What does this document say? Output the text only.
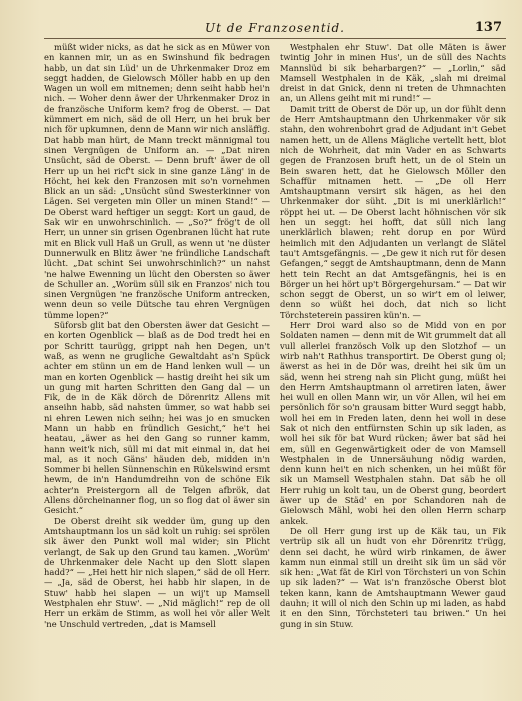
Ut de Franzosentid.	137

müßt wider nicks, as dat he sick as en Müwer von en kannen mir, un as en Swinshund fik bedragen habb, un dat sin Lüd' un de Uhrkenmaker Droz em seggt hadden, de Gielowsch Möller habb en up den Wagen un woll em mitnemen; denn seiht habb hei'n nich. — Woher denn äwer der Uhrkenmaker Droz in de französche Uniform kem? frog de Oberst. — Dat kümmert em nich, säd de oll Herr, un hei bruk ber nich för upkumnen, denn de Mann wir nich ansläffig. Dat habb man hürt, de Mann treckt männigmal tou sinen Vergnügen de Uniform an. — „Dat niren Unsücht, säd de Oberst. — Denn bruft' äwer de oll Herr up un hei ricf't sick in sine ganze Läng' in de Höcht, hei kek den Franzosen mit so'n vornehmen Blick an un säd: „Unsücht sünd Swesterkinner von Lägen. Sei vergeten min Oller un minen Stand!“ — De Oberst ward heftiger un seggt: Kort un gaud, de Sak wir en unwohrschinlich. — „So?“ frög't de oll Herr, un unner sin grisen Ogenbranen lücht hat rute mit en Blick vull Haß un Grull, as wenn ut 'ne düster Dunnerwulk en Blitz äwer 'ne fründliche Landschaft lücht. „Dat schint Sei unwohrschinlich?“ un nahst 'ne halwe Ewenning un lücht den Obersten so äwer de Schuller an. „Worüm süll sik en Franzos' nich tou sinen Vergnügen 'ne französche Uniform antrecken, wenn deun so veile Dütsche tau ehren Vergnügen tümme lopen?“

Süforsb glit bat den Obersten äwer dat Gesicht — en korten Ogenblick — blaß as de Dod tredt hei en por Schritt taurügg, grippt nah hen Degen, un't waß, as wenn ne grugliche Gewaltdaht as'n Spück achter em stünn un em de Hand lenken wull — un man en korten Ogenblick — hastig dreiht hei sik um un gung mit harten Schritten den Gang dal — un Fik, de in de Käk dörch de Dörenritz Allens mit anseihn habb, säd nahsten ümmer, so wat habb sei ni ehren Lewen nich seihn; hei was jo en smucken Mann un habb en fründlich Gesicht,“ he't hei heatau, „äwer as hei den Gang so runner kamm, hann weit'k nich, süll mi dat mit einmal in, dat hei mal, as it noch Gäns' häuden deb, midden in'n Sommer bi hellen Sünnenschin en Rükelswind ersmt hewm, de in'n Handumdreihn von de schöne Eik achter'n Preistergorn all de Telgen afbrök, dat Allens dörcheinanner flog, un so flog dat ol äwer sin Gesicht.“

De Oberst dreiht sik wedder üm, gung up den Amtshauptmann los un säd kolt un ruhig: sei sprölen sik äwer den Punkt woll mal wider; sin Plicht verlangt, de Sak up den Grund tau kamen. „Worüm' de Uhrkenmaker dele Nacht up den Slott slapen hadd?“ — „Hei hett hir nich slapen,“ säd de oll Herr. — „Ja, säd de Oberst, hei habb hir slapen, in de Stuw' habb hei slapen — un wij't up Mamsell Westphalen ehr Stuw'. — „Nid mäglich!“ rep de oll Herr un erkäm de Stimm, as woll hei vör aller Welt 'ne Unschuld vertreden, „dat is Mamsell

Westphalen ehr Stuw'. Dat olle Mäten is äwer twintig Johr in minen Hus', un de süll des Nachts Mannslüd bi sik beharbargen?“ — „Lorlin,“ säd Mamsell Westphalen in de Käk, „slah mi dreimal dreist in dat Gnick, denn ni treten de Uhmnachten an, un Allens geiht mit mi rund!“ —

Damit tritt de Oberst de Dör up, un dor fühlt denn de Herr Amtshauptmann den Uhrkenmaker vör sik stahn, den wohrenbohrt grad de Adjudant in't Gebet namen hett, un de Allens Mägliche vertellt hett, blot nich de Wohrheit, dat min Vader en as Schwarts gegen de Franzosen bruft hett, un de ol Stein un Bein swaren hett, dat he Gielowsch Möller den Schaffür mitnamen hett. — „De oll Herr Amtshauptmann versirt sik hägen, as hei den Uhrkenmaker dor süht. „Dit is mi unerklärlich!“ röppt hei ut. — De Oberst lacht höhnischen vör sik hen un seggt: hei hofft, dat süll nich lang unerklärlich blawen; reht dorup en por Würd heimlich mit den Adjudanten un verlangt de Slätel tau't Amtsgefängnis. — „De gew it nich rut för desen Gefangen,“ seggt de Amtshauptmann, denn de Mann hett tein Recht an dat Amtsgefängnis, hei is en Börger un hei hört up't Börgergehursam.“ — Dat wir schon seggt de Oberst, un so wir't em ol leiwer, denn so wüßt hei doch, dat nich so licht Törchsteterein passiren kün'n. —

Herr Droi ward also so de Midd von en por Soldaten namen — denn mit de Wit grummelt dat all vull allerlei französch Volk up den Slotzhof — un wirb nah't Rathhus transportirt. De Oberst gung ol; äwerst as hei in de Dör was, dreiht hei sik üm un säd, wenn hei streng nah sin Plicht gung, müßt hei den Herrn Amtshauptmann ol arretiren laten, äwer hei wull en ollen Mann wir, un vör Allen, wil hei em persönlich för so'n grausam bitter Wurd seggt habb, woll hei em in Freden laten, denn hei woll in dese Sak ot nich den entfürnsten Schin up sik laden, as woll hei sik för bat Wurd rücken; äwer bat säd hei em, süll en Gegenwärtigkeit oder de von Mamsell Westphalen in de Unnersäuhung nödig warden, denn kunn hei't en nich schenken, un hei müßt för sik un Mamsell Westphalen stahn. Dat säb he oll Herr ruhig un kolt tau, un de Oberst gung, beordert äwer up de Städ' en por Schandoren nah de Gielowsch Mähl, wobi hei den ollen Herrn scharp ankek.

De oll Herr gung irst up de Käk tau, un Fik vertrüp sik all un hudt von ehr Dörenritz t'rügg, denn sei dacht, he würd wirb rinkamen, de äwer kamm nun einmal still un dreiht sik üm un säd vör sik hen: „Wat fät de Kirl von Törchsteri un von Schin up sik laden?“ — Wat is'n französche Oberst blot teken kann, kann de Amtshauptmann Wewer gaud dauhn; it will ol nich den Schin up mi laden, as habd it en den Sinn, Törchsteteri tau briwen.“ Un hei gung in sin Stuw.
